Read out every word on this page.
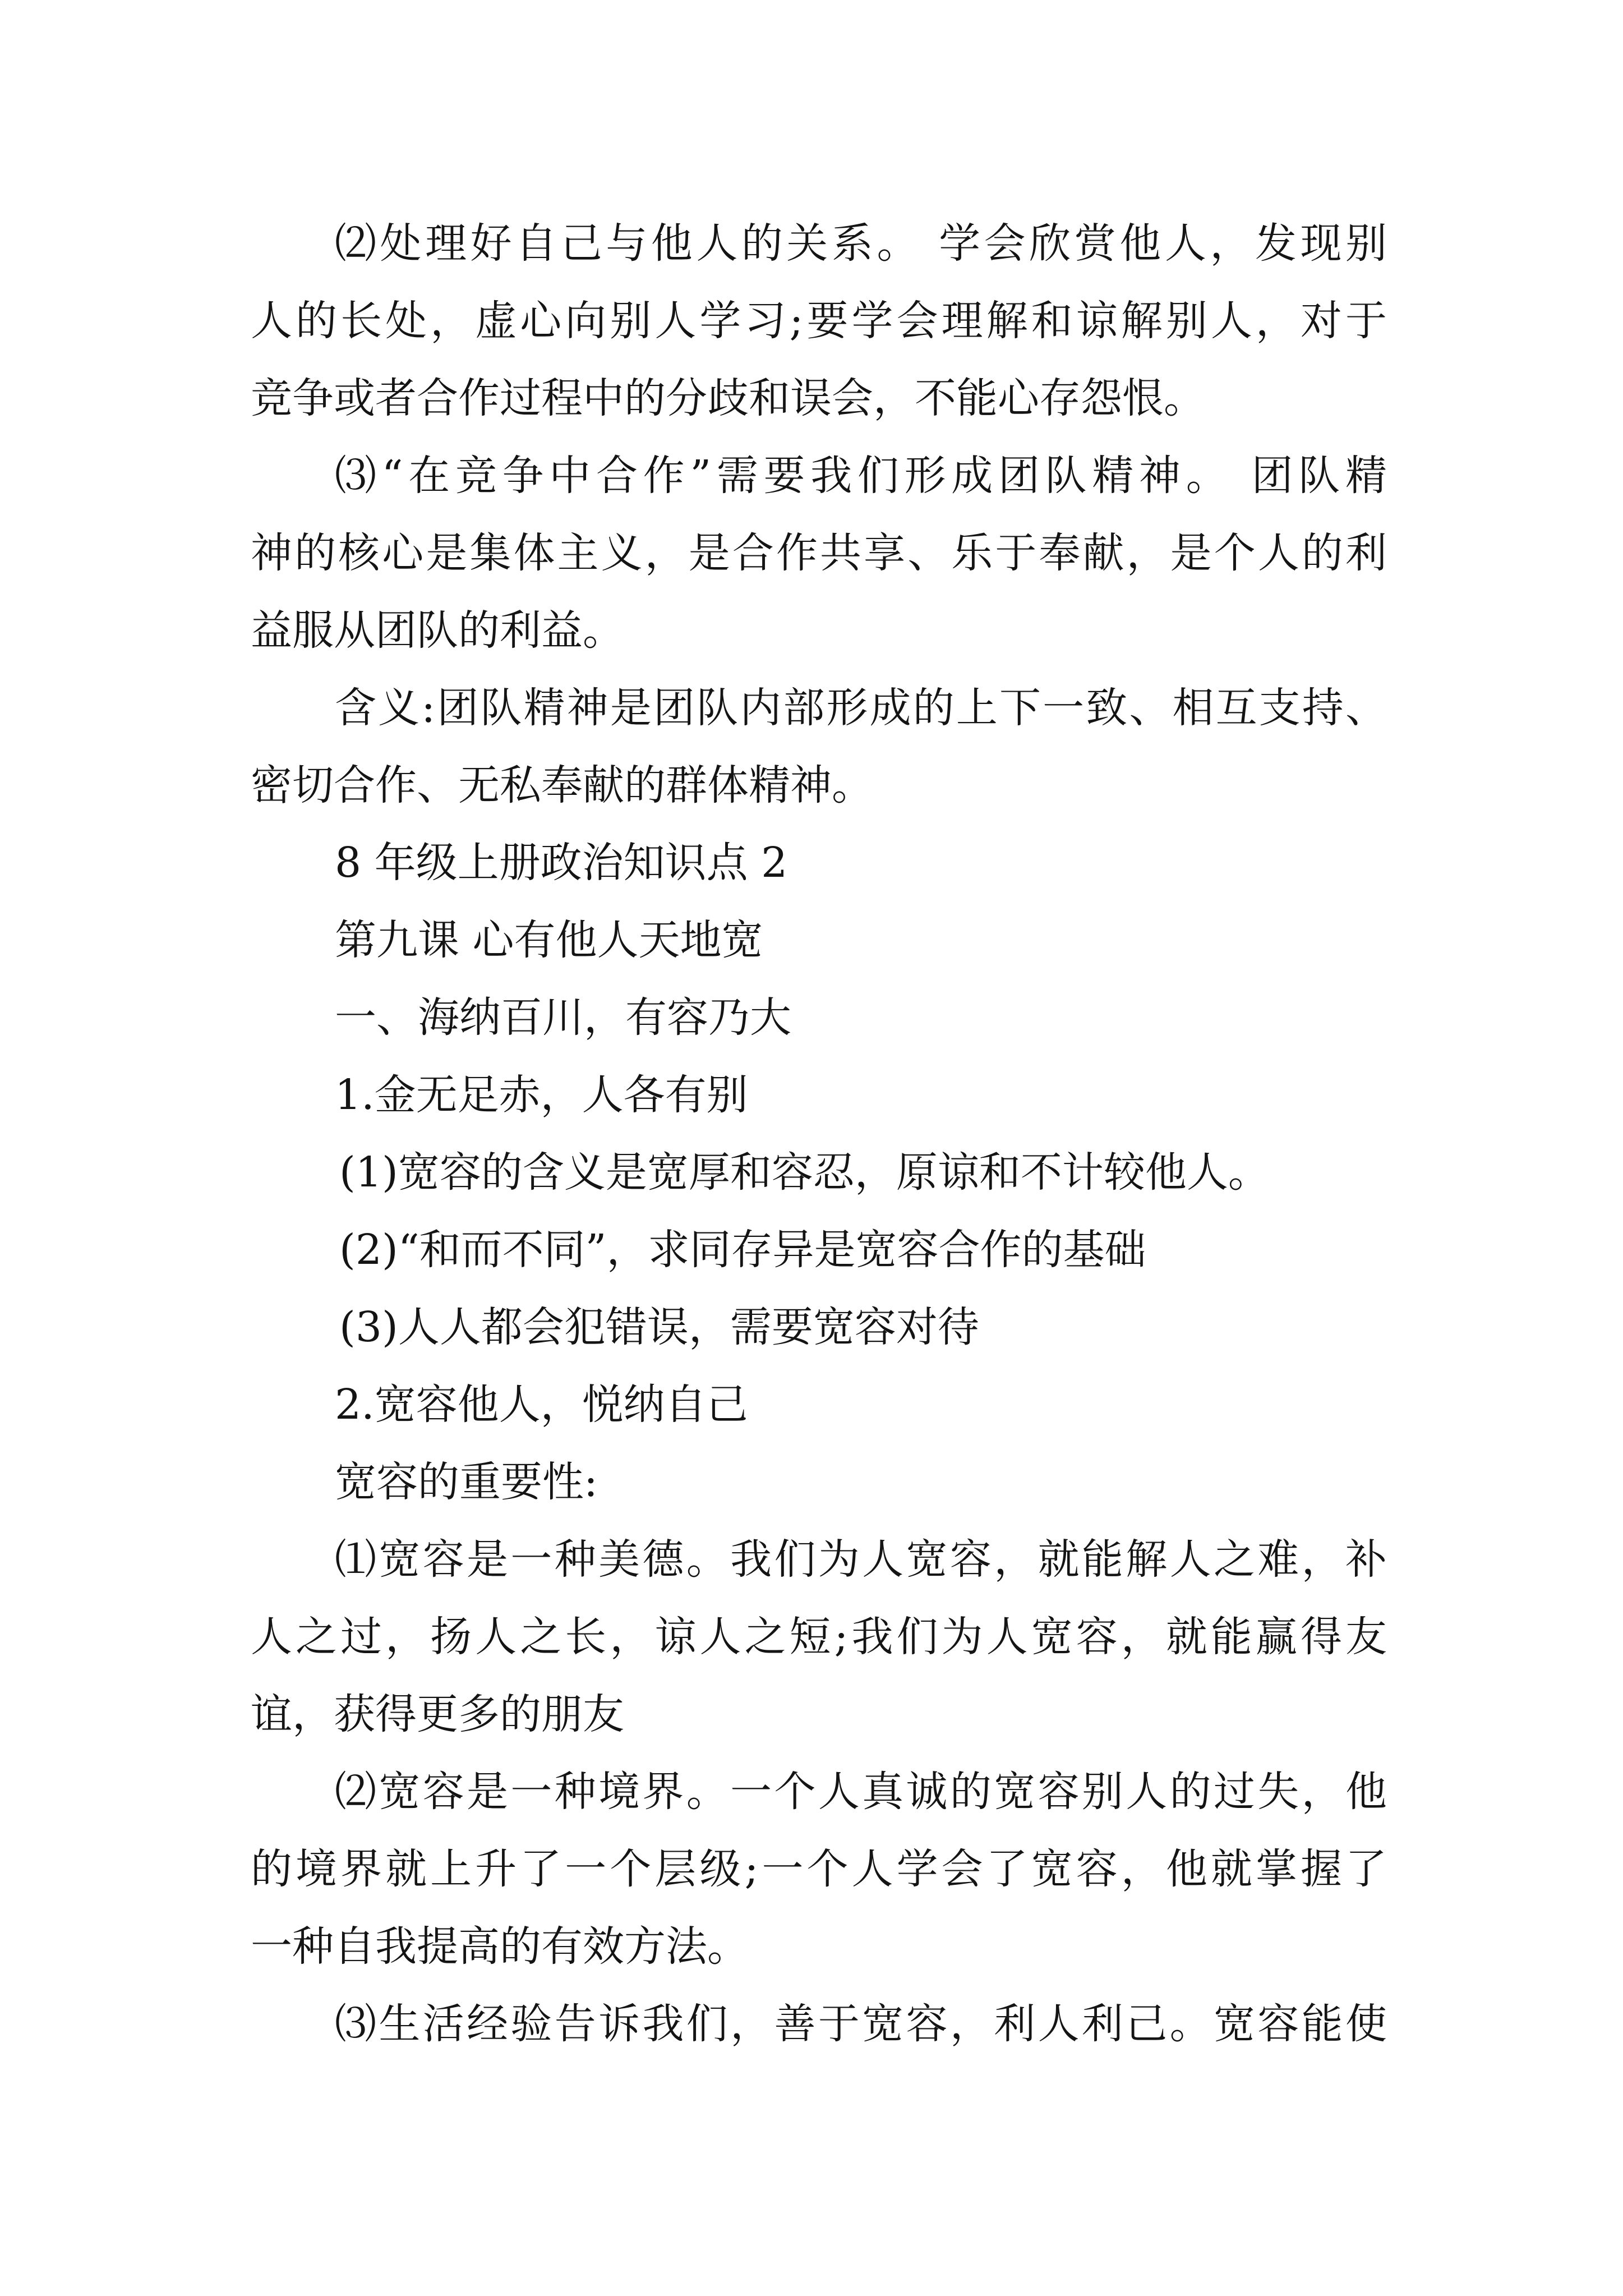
⑵处理好自己与他人的关系。 学会欣赏他人，发现别
人的长处，虚心向别人学习;要学会理解和谅解别人，对于
竞争或者合作过程中的分歧和误会，不能心存怨恨。
⑶“在竞争中合作”需要我们形成团队精神。 团队精
神的核心是集体主义，是合作共享、乐于奉献，是个人的利
益服从团队的利益。
含义:团队精神是团队内部形成的上下一致、相互支持、
密切合作、无私奉献的群体精神。
8 年级上册政治知识点 2
第九课 心有他人天地宽
一、海纳百川，有容乃大
1.金无足赤，人各有别
(1)宽容的含义是宽厚和容忍，原谅和不计较他人。
(2)“和而不同”，求同存异是宽容合作的基础
(3)人人都会犯错误，需要宽容对待
2.宽容他人，悦纳自己
宽容的重要性:
⑴宽容是一种美德。我们为人宽容，就能解人之难，补
人之过，扬人之长，谅人之短;我们为人宽容，就能赢得友
谊，获得更多的朋友
⑵宽容是一种境界。一个人真诚的宽容别人的过失，他
的境界就上升了一个层级;一个人学会了宽容，他就掌握了
一种自我提高的有效方法。
⑶生活经验告诉我们，善于宽容，利人利己。宽容能使
